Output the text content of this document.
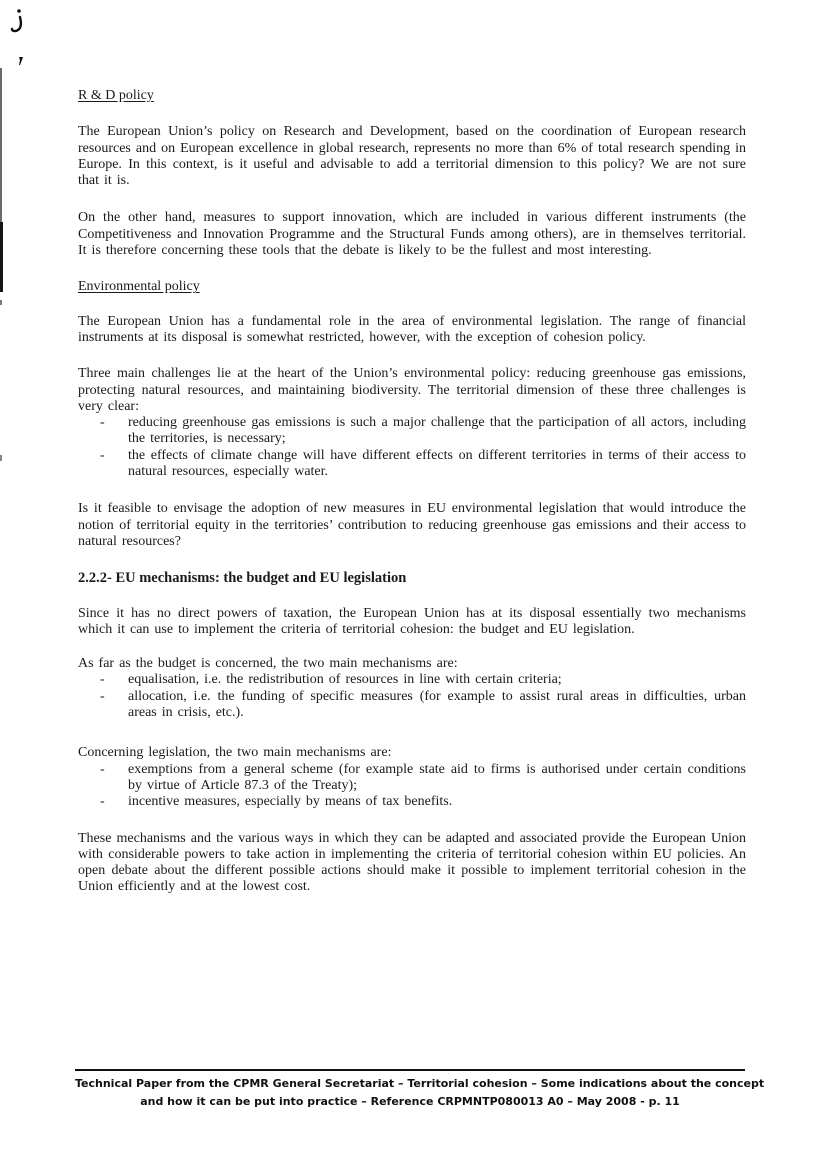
R & D policy

The European Union’s policy on Research and Development, based on the coordination of European research resources and on European excellence in global research, represents no more than 6% of total research spending in Europe. In this context, is it useful and advisable to add a territorial dimension to this policy? We are not sure that it is.

On the other hand, measures to support innovation, which are included in various different instruments (the Competitiveness and Innovation Programme and the Structural Funds among others), are in themselves territorial. It is therefore concerning these tools that the debate is likely to be the fullest and most interesting.

Environmental policy

The European Union has a fundamental role in the area of environmental legislation. The range of financial instruments at its disposal is somewhat restricted, however, with the exception of cohesion policy.

Three main challenges lie at the heart of the Union’s environmental policy: reducing greenhouse gas emissions, protecting natural resources, and maintaining biodiversity. The territorial dimension of these three challenges is very clear:

-	reducing greenhouse gas emissions is such a major challenge that the participation of all actors, including the territories, is necessary;
-	the effects of climate change will have different effects on different territories in terms of their access to natural resources, especially water.

Is it feasible to envisage the adoption of new measures in EU environmental legislation that would introduce the notion of territorial equity in the territories’ contribution to reducing greenhouse gas emissions and their access to natural resources?

2.2.2- EU mechanisms: the budget and EU legislation

Since it has no direct powers of taxation, the European Union has at its disposal essentially two mechanisms which it can use to implement the criteria of territorial cohesion: the budget and EU legislation.

As far as the budget is concerned, the two main mechanisms are:

-	equalisation, i.e. the redistribution of resources in line with certain criteria;
-	allocation, i.e. the funding of specific measures (for example to assist rural areas in difficulties, urban areas in crisis, etc.).

Concerning legislation, the two main mechanisms are:

-	exemptions from a general scheme (for example state aid to firms is authorised under certain conditions by virtue of Article 87.3 of the Treaty);
-	incentive measures, especially by means of tax benefits.

These mechanisms and the various ways in which they can be adapted and associated provide the European Union with considerable powers to take action in implementing the criteria of territorial cohesion within EU policies. An open debate about the different possible actions should make it possible to implement territorial cohesion in the Union efficiently and at the lowest cost.

Technical Paper from the CPMR General Secretariat – Territorial cohesion – Some indications about the concept
and how it can be put into practice – Reference CRPMNTP080013 A0 – May 2008 - p. 11
